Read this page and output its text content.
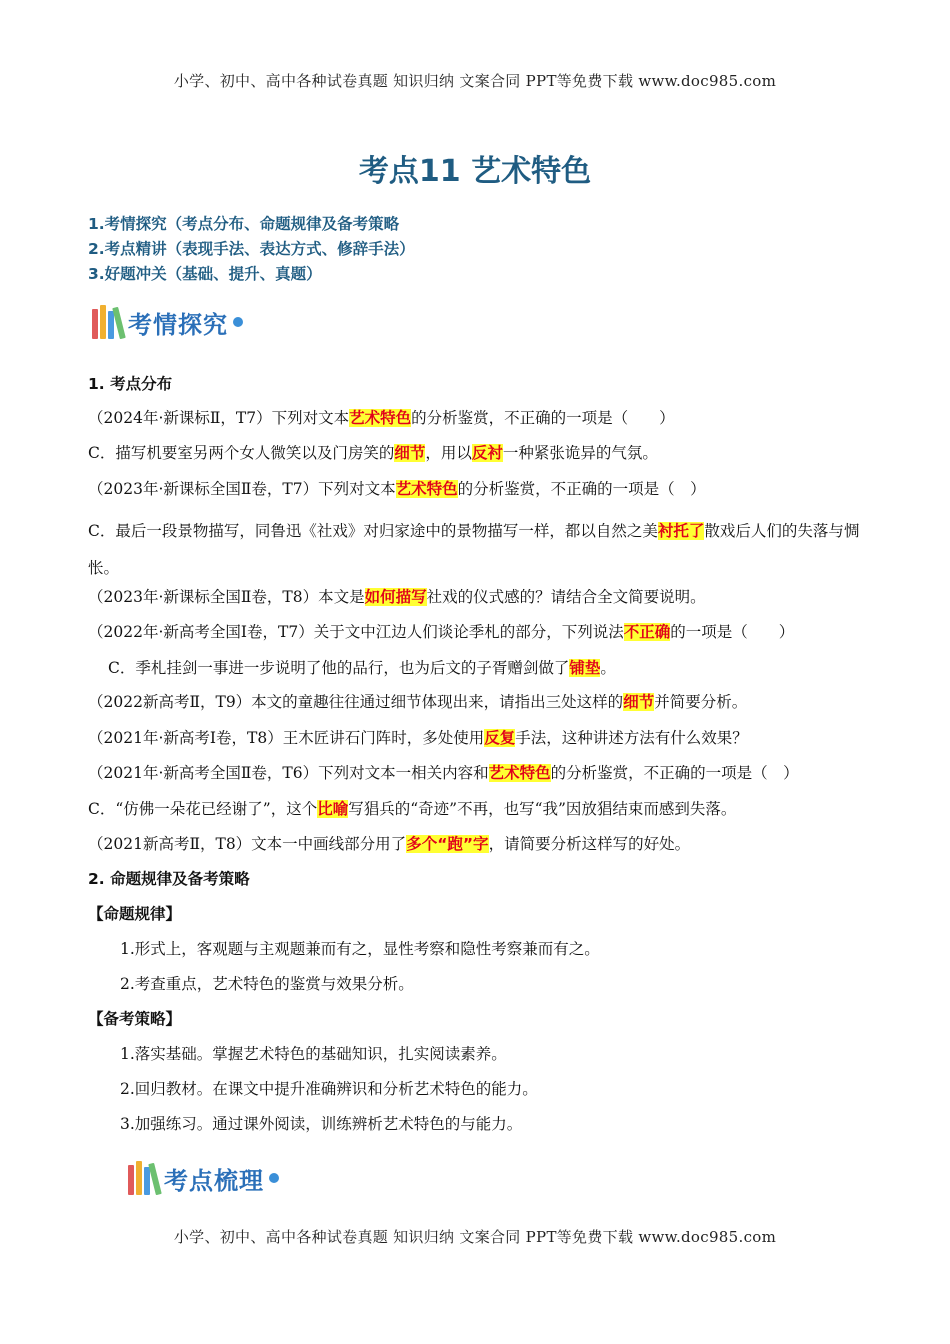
小学、初中、高中各种试卷真题 知识归纳 文案合同 PPT等免费下载 www.doc985.com
考点11 艺术特色
1.考情探究（考点分布、命题规律及备考策略
2.考点精讲（表现手法、表达方式、修辞手法）
3.好题冲关（基础、提升、真题）
考情探究
1. 考点分布
（2024年·新课标Ⅱ，T7）下列对文本艺术特色的分析鉴赏，不正确的一项是（　　）
C．描写机要室另两个女人微笑以及门房笑的细节，用以反衬一种紧张诡异的气氛。
（2023年·新课标全国Ⅱ卷，T7）下列对文本艺术特色的分析鉴赏，不正确的一项是（　）
C．最后一段景物描写，同鲁迅《社戏》对归家途中的景物描写一样，都以自然之美衬托了散戏后人们的失落与惆怅。
（2023年·新课标全国Ⅱ卷，T8）本文是如何描写社戏的仪式感的？请结合全文简要说明。
（2022年·新高考全国Ⅰ卷，T7）关于文中江边人们谈论季札的部分，下列说法不正确的一项是（　　）
C．季札挂剑一事进一步说明了他的品行，也为后文的子胥赠剑做了铺垫。
（2022新高考Ⅱ，T9）本文的童趣往往通过细节体现出来，请指出三处这样的细节并简要分析。
（2021年·新高考Ⅰ卷，T8）王木匠讲石门阵时，多处使用反复手法，这种讲述方法有什么效果？
（2021年·新高考全国Ⅱ卷，T6）下列对文本一相关内容和艺术特色的分析鉴赏，不正确的一项是（　）
C．“仿佛一朵花已经谢了”，这个比喻写猖兵的“奇迹”不再，也写“我”因放猖结束而感到失落。
（2021新高考Ⅱ，T8）文本一中画线部分用了多个“跑”字，请简要分析这样写的好处。
2. 命题规律及备考策略
【命题规律】
1.形式上，客观题与主观题兼而有之，显性考察和隐性考察兼而有之。
2.考查重点，艺术特色的鉴赏与效果分析。
【备考策略】
1.落实基础。掌握艺术特色的基础知识，扎实阅读素养。
2.回归教材。在课文中提升准确辨识和分析艺术特色的能力。
3.加强练习。通过课外阅读，训练辨析艺术特色的与能力。
考点梳理
小学、初中、高中各种试卷真题 知识归纳 文案合同 PPT等免费下载 www.doc985.com
